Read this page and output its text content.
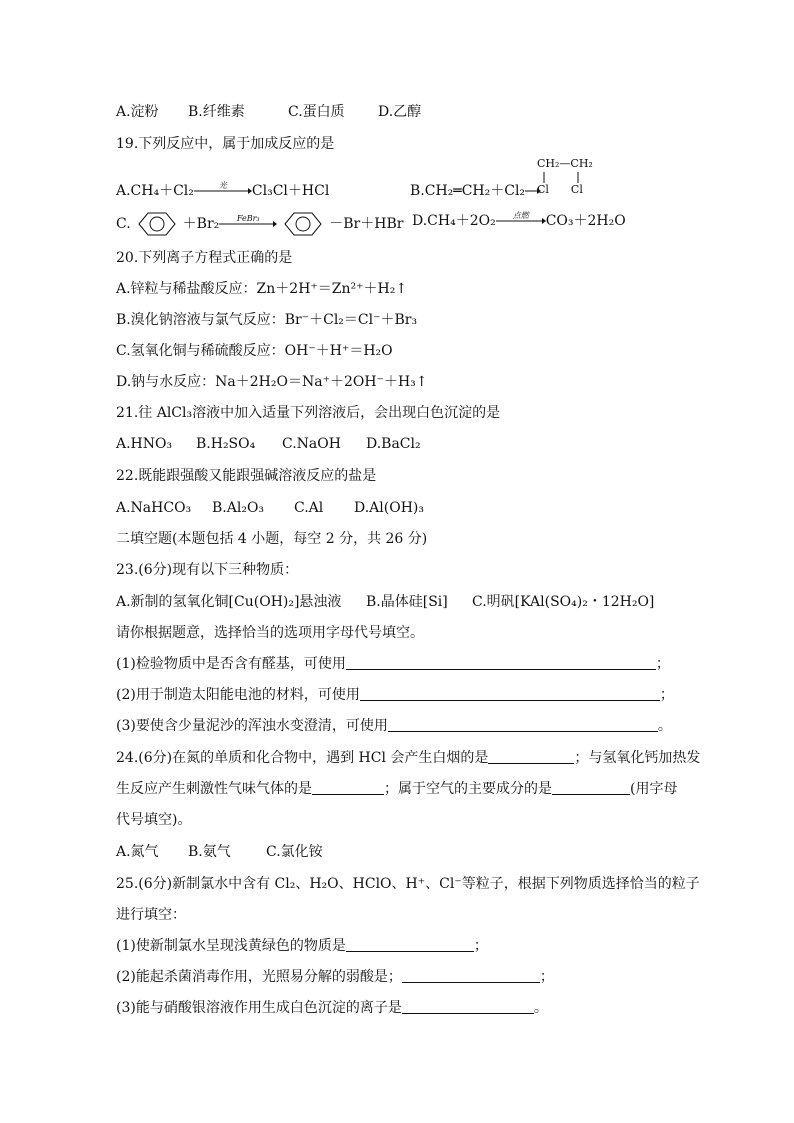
A.淀粉 B.纤维素	C.蛋白质 D.乙醇
19.下列反应中，属于加成反应的是
A.CH₄＋Cl₂	光	Cl₃Cl＋HCl	B.CH₂═CH₂＋Cl₂→
CH₂—CH₂
Cl　　Cl
C.	＋Br₂	FeBr₃	－Br＋HBr D.CH₄＋2O₂	点燃	CO₃＋2H₂O
20.下列离子方程式正确的是
A.锌粒与稀盐酸反应：Zn＋2H⁺＝Zn²⁺＋H₂↑
B.溴化钠溶液与氯气反应：Br⁻＋Cl₂＝Cl⁻＋Br₃
C.氢氧化铜与稀硫酸反应：OH⁻＋H⁺＝H₂O
D.钠与水反应：Na＋2H₂O＝Na⁺＋2OH⁻＋H₃↑
21.往 AlCl₃溶液中加入适量下列溶液后，会出现白色沉淀的是
A.HNO₃ B.H₂SO₄ C.NaOH D.BaCl₂
22.既能跟强酸又能跟强碱溶液反应的盐是
A.NaHCO₃ B.Al₂O₃ C.Al D.Al(OH)₃
二填空题(本题包括 4 小题，每空 2 分，共 26 分)
23.(6分)现有以下三种物质：
A.新制的氢氧化铜[Cu(OH)₂]悬浊液 B.晶体硅[Si] C.明矾[KAl(SO₄)₂・12H₂O]
请你根据题意，选择恰当的选项用字母代号填空。
(1)检验物质中是否含有醛基，可使用	；
(2)用于制造太阳能电池的材料，可使用	；
(3)要使含少量泥沙的浑浊水变澄清，可使用	。
24.(6分)在氮的单质和化合物中，遇到 HCl 会产生白烟的是	；与氢氧化钙加热发
生反应产生刺激性气味气体的是	；属于空气的主要成分的是	(用字母
代号填空)。
A.氮气 B.氨气	C.氯化铵
25.(6分)新制氯水中含有 Cl₂、H₂O、HClO、H⁺、Cl⁻等粒子，根据下列物质选择恰当的粒子
进行填空：
(1)使新制氯水呈现浅黄绿色的物质是	；
(2)能起杀菌消毒作用，光照易分解的弱酸是；	；
(3)能与硝酸银溶液作用生成白色沉淀的离子是	。
